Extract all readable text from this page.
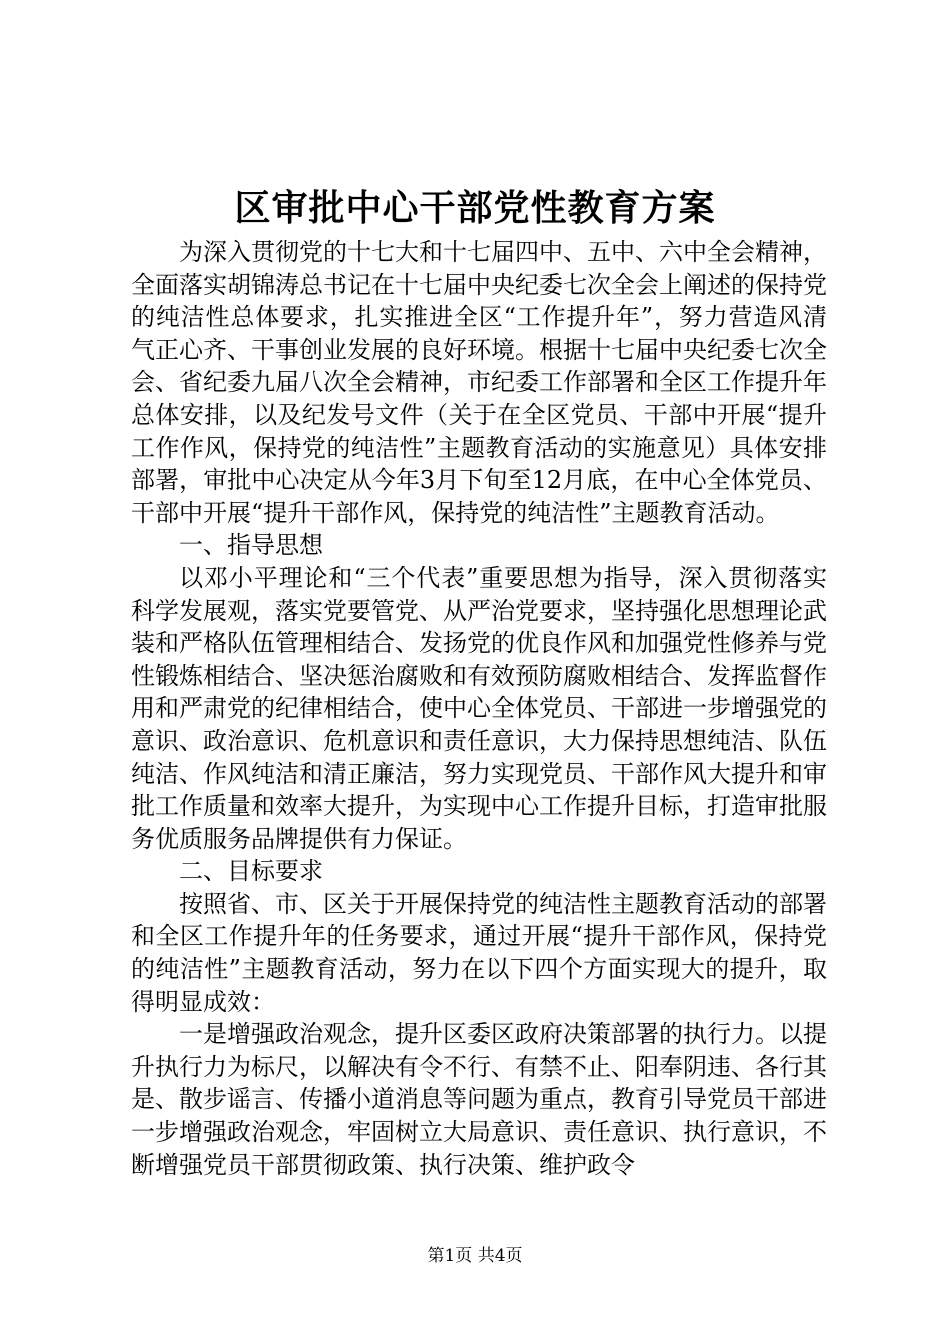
区审批中心干部党性教育方案

为深入贯彻党的十七大和十七届四中、五中、六中全会精神，全面落实胡锦涛总书记在十七届中央纪委七次全会上阐述的保持党的纯洁性总体要求，扎实推进全区“工作提升年”，努力营造风清气正心齐、干事创业发展的良好环境。根据十七届中央纪委七次全会、省纪委九届八次全会精神，市纪委工作部署和全区工作提升年总体安排，以及纪发号文件（关于在全区党员、干部中开展“提升工作作风，保持党的纯洁性”主题教育活动的实施意见）具体安排部署，审批中心决定从今年3月下旬至12月底，在中心全体党员、干部中开展“提升干部作风，保持党的纯洁性”主题教育活动。

一、指导思想

以邓小平理论和“三个代表”重要思想为指导，深入贯彻落实科学发展观，落实党要管党、从严治党要求，坚持强化思想理论武装和严格队伍管理相结合、发扬党的优良作风和加强党性修养与党性锻炼相结合、坚决惩治腐败和有效预防腐败相结合、发挥监督作用和严肃党的纪律相结合，使中心全体党员、干部进一步增强党的意识、政治意识、危机意识和责任意识，大力保持思想纯洁、队伍纯洁、作风纯洁和清正廉洁，努力实现党员、干部作风大提升和审批工作质量和效率大提升，为实现中心工作提升目标，打造审批服务优质服务品牌提供有力保证。

二、目标要求

按照省、市、区关于开展保持党的纯洁性主题教育活动的部署和全区工作提升年的任务要求，通过开展“提升干部作风，保持党的纯洁性”主题教育活动，努力在以下四个方面实现大的提升，取得明显成效：

一是增强政治观念，提升区委区政府决策部署的执行力。以提升执行力为标尺，以解决有令不行、有禁不止、阳奉阴违、各行其是、散步谣言、传播小道消息等问题为重点，教育引导党员干部进一步增强政治观念，牢固树立大局意识、责任意识、执行意识，不断增强党员干部贯彻政策、执行决策、维护政令

第1页 共4页
